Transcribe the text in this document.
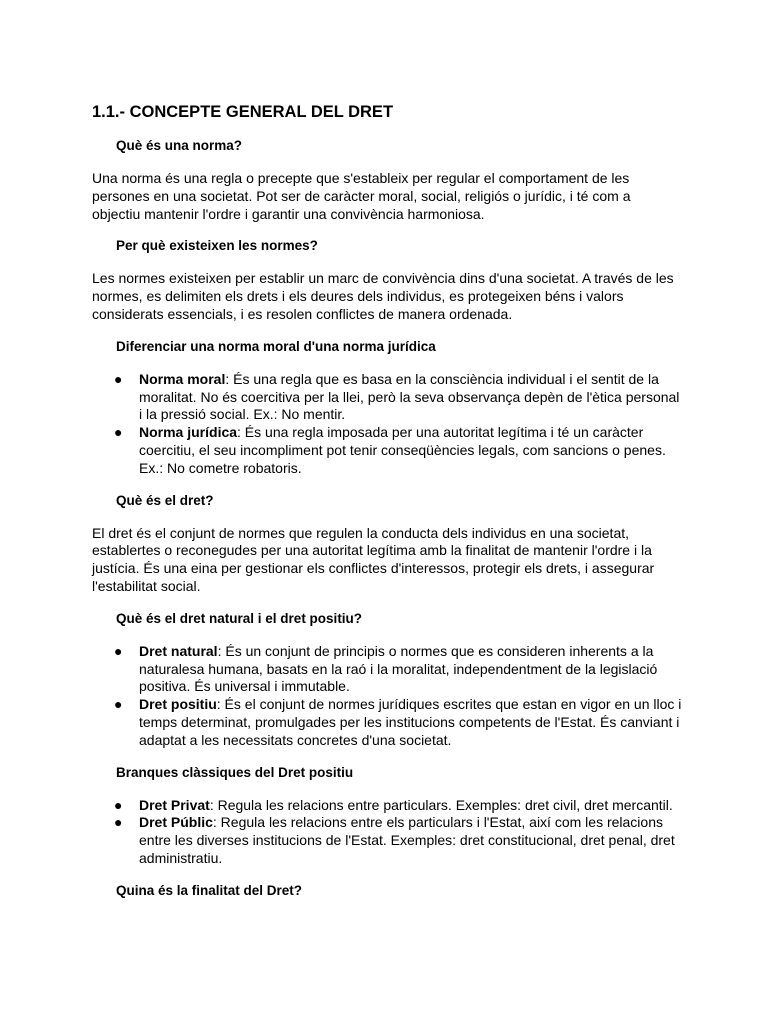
1.1.- CONCEPTE GENERAL DEL DRET
Què és una norma?

Una norma és una regla o precepte que s'estableix per regular el comportament de les persones en una societat. Pot ser de caràcter moral, social, religiós o jurídic, i té com a objectiu mantenir l'ordre i garantir una convivència harmoniosa.

Per què existeixen les normes?

Les normes existeixen per establir un marc de convivència dins d'una societat. A través de les normes, es delimiten els drets i els deures dels individus, es protegeixen béns i valors considerats essencials, i es resolen conflictes de manera ordenada.

Diferenciar una norma moral d'una norma jurídica
● Norma moral: És una regla que es basa en la consciència individual i el sentit de la moralitat. No és coercitiva per la llei, però la seva observança depèn de l'ètica personal i la pressió social. Ex.: No mentir.
● Norma jurídica: És una regla imposada per una autoritat legítima i té un caràcter coercitiu, el seu incompliment pot tenir conseqüències legals, com sancions o penes. Ex.: No cometre robatoris.
Què és el dret?

El dret és el conjunt de normes que regulen la conducta dels individus en una societat, establertes o reconegudes per una autoritat legítima amb la finalitat de mantenir l'ordre i la justícia. És una eina per gestionar els conflictes d'interessos, protegir els drets, i assegurar l'estabilitat social.

Què és el dret natural i el dret positiu?
● Dret natural: És un conjunt de principis o normes que es consideren inherents a la naturalesa humana, basats en la raó i la moralitat, independentment de la legislació positiva. És universal i immutable.
● Dret positiu: És el conjunt de normes jurídiques escrites que estan en vigor en un lloc i temps determinat, promulgades per les institucions competents de l'Estat. És canviant i adaptat a les necessitats concretes d'una societat.
Branques clàssiques del Dret positiu
● Dret Privat: Regula les relacions entre particulars. Exemples: dret civil, dret mercantil.
● Dret Públic: Regula les relacions entre els particulars i l'Estat, així com les relacions entre les diverses institucions de l'Estat. Exemples: dret constitucional, dret penal, dret administratiu.
Quina és la finalitat del Dret?
